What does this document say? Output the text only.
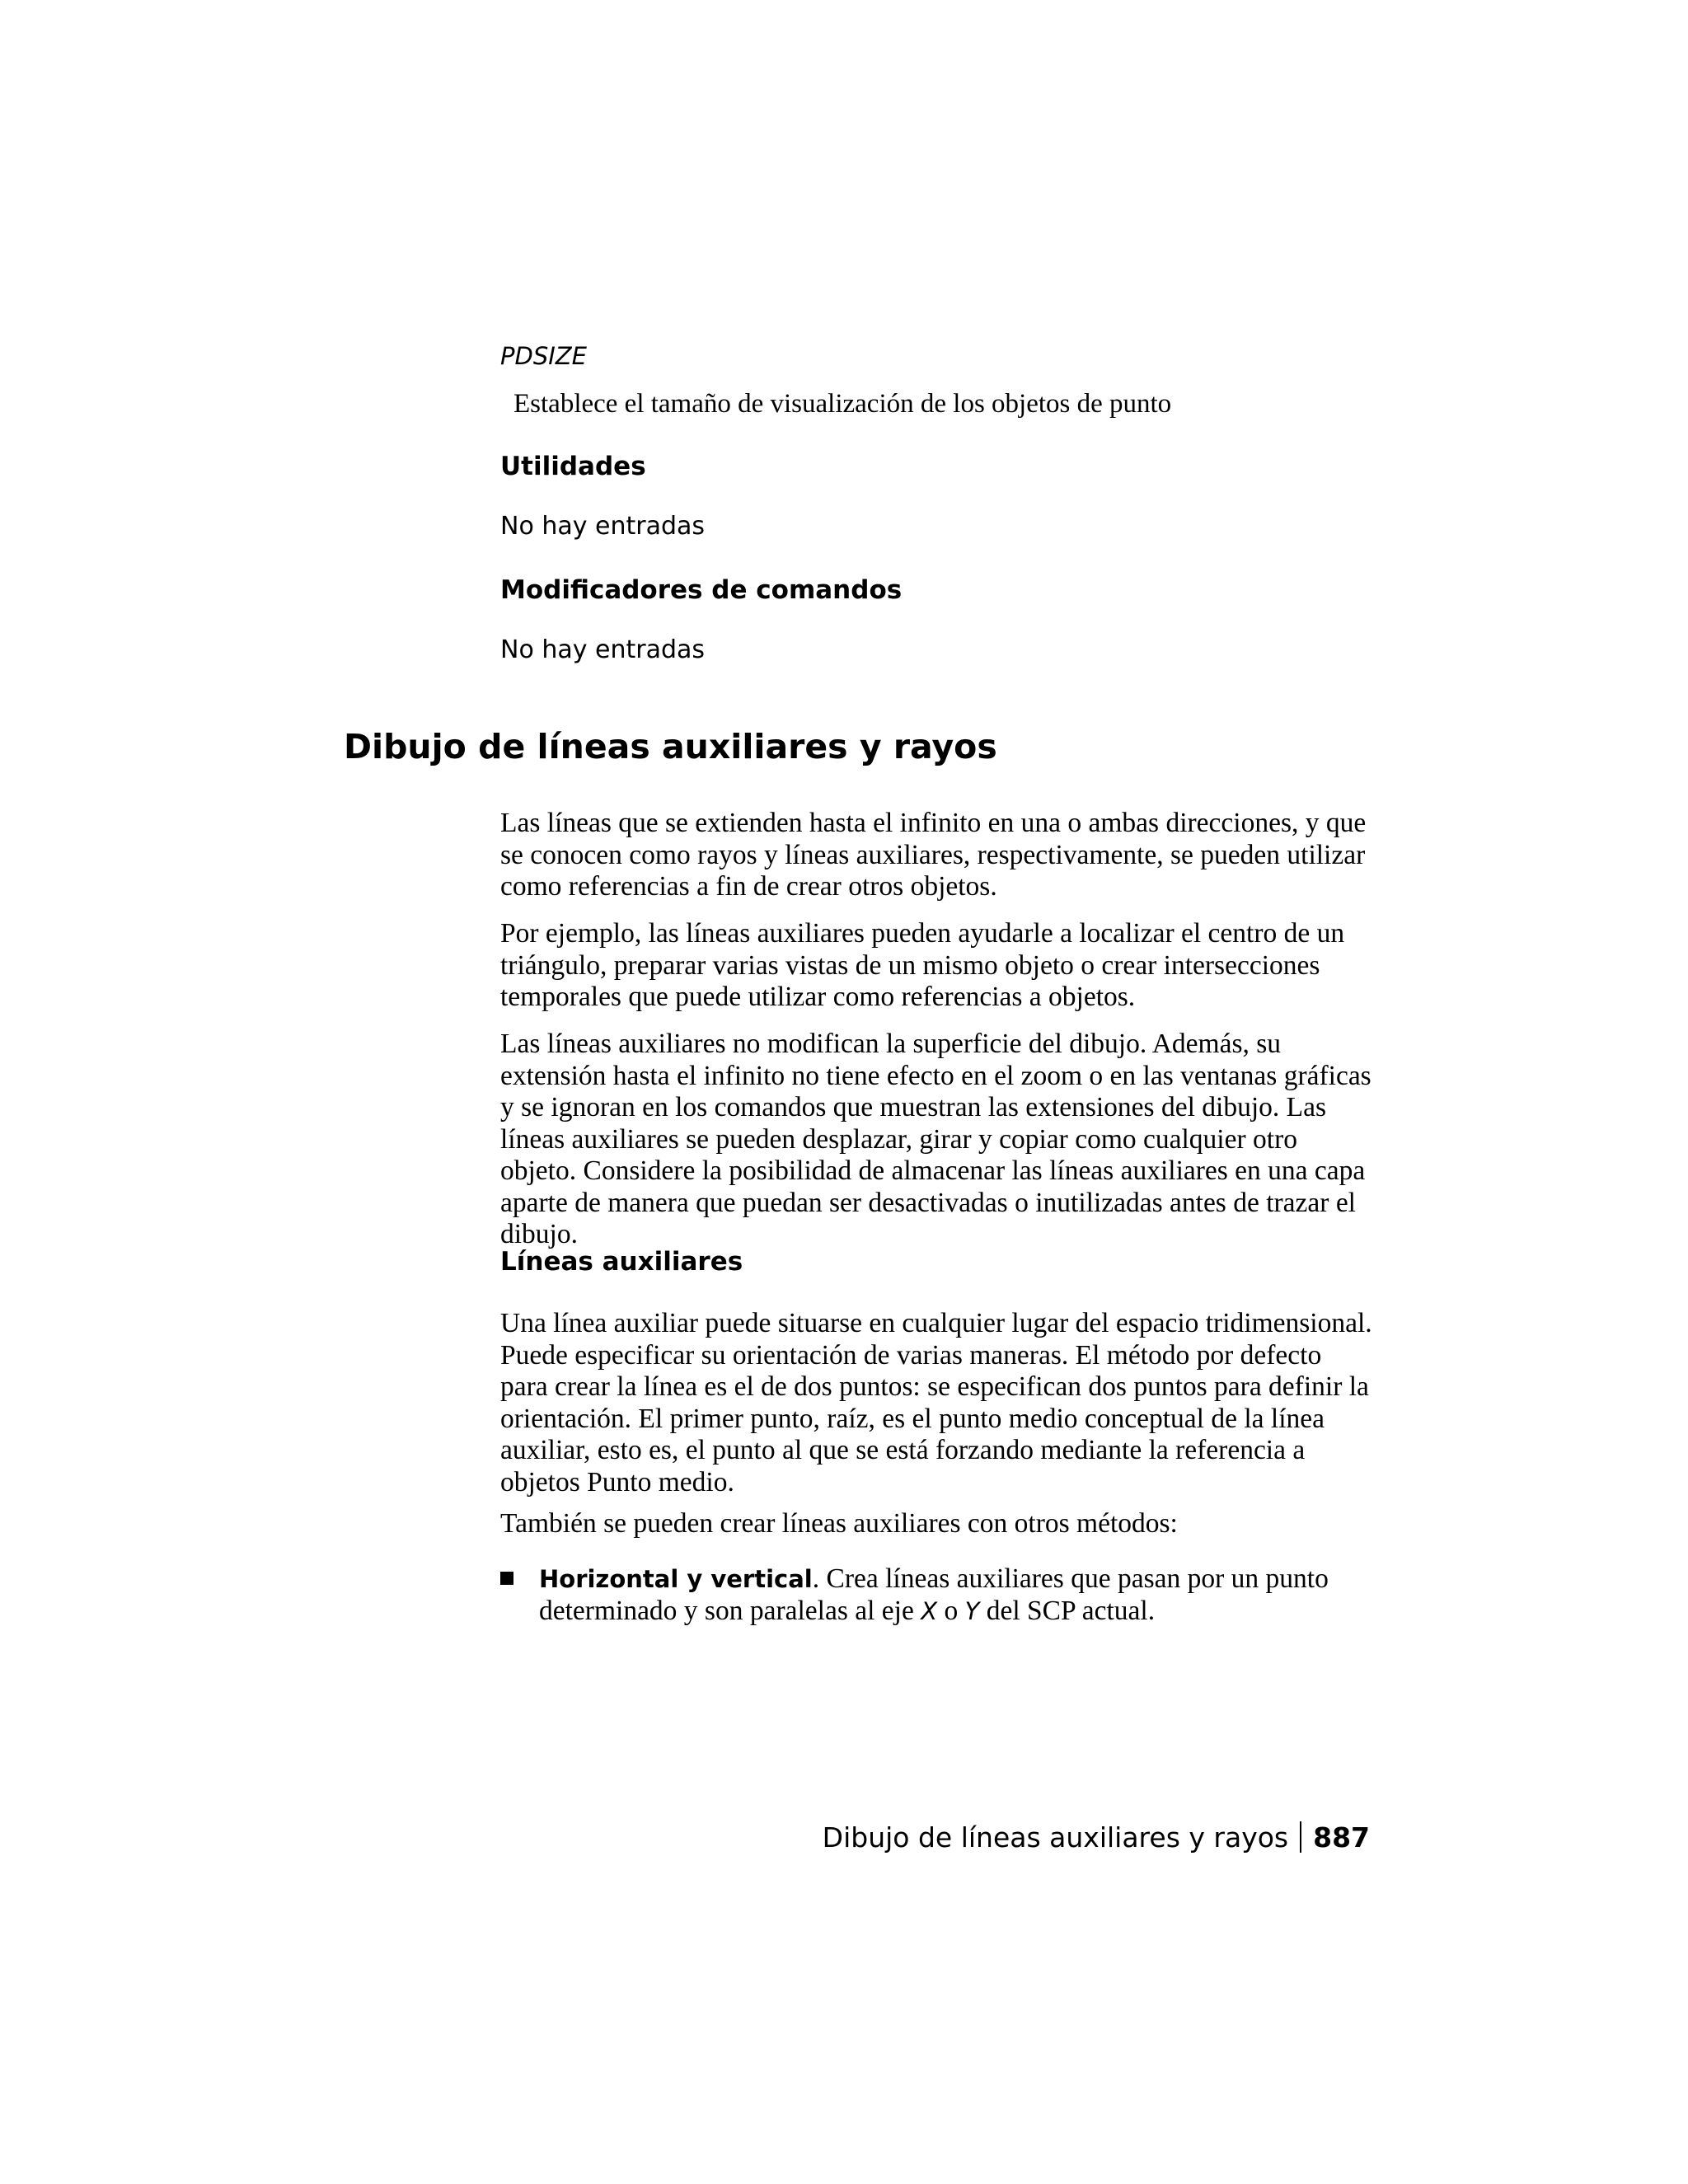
PDSIZE

Establece el tamaño de visualización de los objetos de punto

Utilidades

No hay entradas

Modificadores de comandos

No hay entradas

Dibujo de líneas auxiliares y rayos

Las líneas que se extienden hasta el infinito en una o ambas direcciones, y que se conocen como rayos y líneas auxiliares, respectivamente, se pueden utilizar como referencias a fin de crear otros objetos.

Por ejemplo, las líneas auxiliares pueden ayudarle a localizar el centro de un triángulo, preparar varias vistas de un mismo objeto o crear intersecciones temporales que puede utilizar como referencias a objetos.

Las líneas auxiliares no modifican la superficie del dibujo. Además, su extensión hasta el infinito no tiene efecto en el zoom o en las ventanas gráficas y se ignoran en los comandos que muestran las extensiones del dibujo. Las líneas auxiliares se pueden desplazar, girar y copiar como cualquier otro objeto. Considere la posibilidad de almacenar las líneas auxiliares en una capa aparte de manera que puedan ser desactivadas o inutilizadas antes de trazar el dibujo.

Líneas auxiliares

Una línea auxiliar puede situarse en cualquier lugar del espacio tridimensional. Puede especificar su orientación de varias maneras. El método por defecto para crear la línea es el de dos puntos: se especifican dos puntos para definir la orientación. El primer punto, raíz, es el punto medio conceptual de la línea auxiliar, esto es, el punto al que se está forzando mediante la referencia a objetos Punto medio.

También se pueden crear líneas auxiliares con otros métodos:

Horizontal y vertical. Crea líneas auxiliares que pasan por un punto determinado y son paralelas al eje X o Y del SCP actual.

Dibujo de líneas auxiliares y rayos 887
